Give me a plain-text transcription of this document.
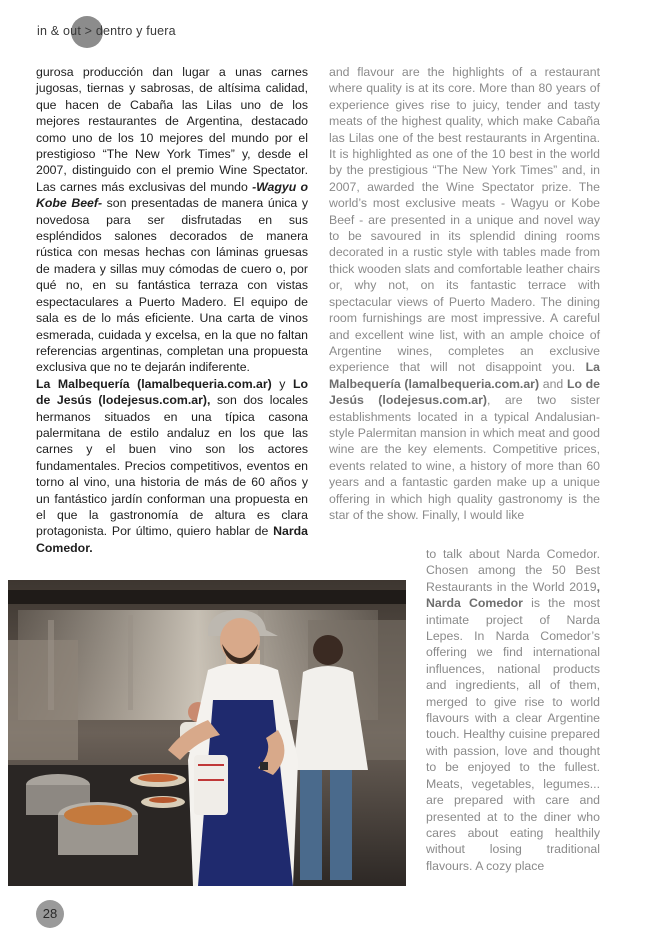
in & out > dentro y fuera

gurosa producción dan lugar a unas carnes jugosas, tiernas y sabrosas, de altísima calidad, que hacen de Cabaña las Lilas uno de los mejores restaurantes de Argentina, destacado como uno de los 10 mejores del mundo por el prestigioso “The New York Times” y, desde el 2007, distinguido con el premio Wine Spectator. Las carnes más exclusivas del mundo -Wagyu o Kobe Beef- son presentadas de manera única y novedosa para ser disfrutadas en sus espléndidos salones decorados de manera rústica con mesas hechas con láminas gruesas de madera y sillas muy cómodas de cuero o, por qué no, en su fantástica terraza con vistas espectaculares a Puerto Madero. El equipo de sala es de lo más eficiente. Una carta de vinos esmerada, cuidada y excelsa, en la que no faltan referencias argentinas, completan una propuesta exclusiva que no te dejarán indiferente.

La Malbequería (lamalbequeria.com.ar) y Lo de Jesús (lodejesus.com.ar), son dos locales hermanos situados en una típica casona palermitana de estilo andaluz en los que las carnes y el buen vino son los actores fundamentales. Precios competitivos, eventos en torno al vino, una historia de más de 60 años y un fantástico jardín conforman una propuesta en el que la gastronomía de altura es clara protagonista. Por último, quiero hablar de Narda Comedor.

and flavour are the highlights of a restaurant where quality is at its core. More than 80 years of experience gives rise to juicy, tender and tasty meats of the highest quality, which make Cabaña las Lilas one of the best restaurants in Argentina. It is highlighted as one of the 10 best in the world by the prestigious “The New York Times” and, in 2007, awarded the Wine Spectator prize. The world’s most exclusive meats - Wagyu or Kobe Beef - are presented in a unique and novel way to be savoured in its splendid dining rooms decorated in a rustic style with tables made from thick wooden slats and comfortable leather chairs or, why not, on its fantastic terrace with spectacular views of Puerto Madero. The dining room furnishings are most impressive. A careful and excellent wine list, with an ample choice of Argentine wines, completes an exclusive experience that will not disappoint you. La Malbequería (lamalbequeria.com.ar) and Lo de Jesús (lodejesus.com.ar), are two sister establishments located in a typical Andalusian-style Palermitan mansion in which meat and good wine are the key elements. Competitive prices, events related to wine, a history of more than 60 years and a fantastic garden make up a unique offering in which high quality gastronomy is the star of the show. Finally, I would like

to talk about Narda Comedor. Chosen among the 50 Best Restaurants in the World 2019, Narda Comedor is the most intimate project of Narda Lepes. In Narda Comedor’s offering we find international influences, national products and ingredients, all of them, merged to give rise to world flavours with a clear Argentine touch. Healthy cuisine prepared with passion, love and thought to be enjoyed to the fullest. Meats, vegetables, legumes... are prepared with care and presented at to the diner who cares about eating healthily without losing traditional flavours. A cozy place

28
